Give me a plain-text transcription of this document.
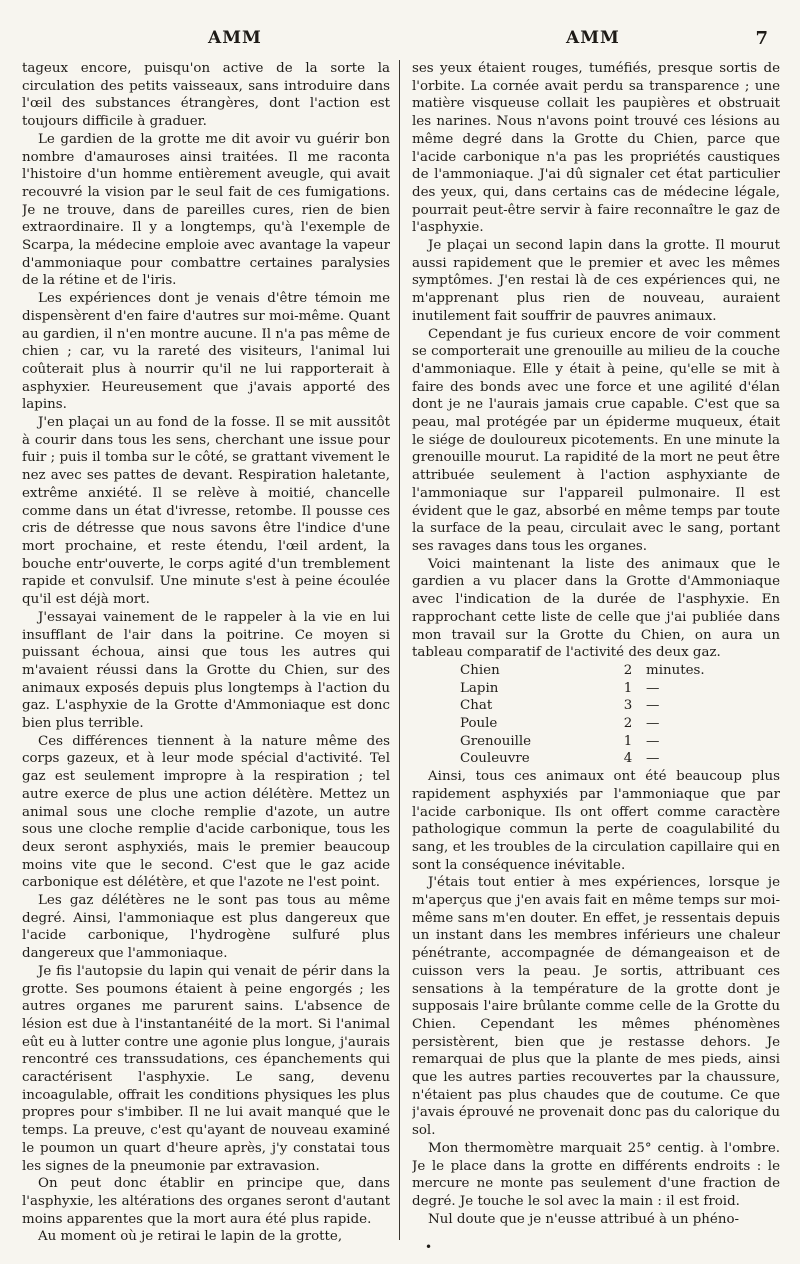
AMM	AMM	7

tageux encore, puisqu'on active de la sorte la circulation des petits vaisseaux, sans introduire dans l'œil des substances étrangères, dont l'action est toujours difficile à graduer.

Le gardien de la grotte me dit avoir vu guérir bon nombre d'amauroses ainsi traitées. Il me raconta l'histoire d'un homme entièrement aveugle, qui avait recouvré la vision par le seul fait de ces fumigations. Je ne trouve, dans de pareilles cures, rien de bien extraordinaire. Il y a longtemps, qu'à l'exemple de Scarpa, la médecine emploie avec avantage la vapeur d'ammoniaque pour combattre certaines paralysies de la rétine et de l'iris.

Les expériences dont je venais d'être témoin me dispensèrent d'en faire d'autres sur moi-même. Quant au gardien, il n'en montre aucune. Il n'a pas même de chien ; car, vu la rareté des visiteurs, l'animal lui coûterait plus à nourrir qu'il ne lui rapporterait à asphyxier. Heureusement que j'avais apporté des lapins.

J'en plaçai un au fond de la fosse. Il se mit aussitôt à courir dans tous les sens, cherchant une issue pour fuir ; puis il tomba sur le côté, se grattant vivement le nez avec ses pattes de devant. Respiration haletante, extrême anxiété. Il se relève à moitié, chancelle comme dans un état d'ivresse, retombe. Il pousse ces cris de détresse que nous savons être l'indice d'une mort prochaine, et reste étendu, l'œil ardent, la bouche entr'ouverte, le corps agité d'un tremblement rapide et convulsif. Une minute s'est à peine écoulée qu'il est déjà mort.

J'essayai vainement de le rappeler à la vie en lui insufflant de l'air dans la poitrine. Ce moyen si puissant échoua, ainsi que tous les autres qui m'avaient réussi dans la Grotte du Chien, sur des animaux exposés depuis plus longtemps à l'action du gaz. L'asphyxie de la Grotte d'Ammoniaque est donc bien plus terrible.

Ces différences tiennent à la nature même des corps gazeux, et à leur mode spécial d'activité. Tel gaz est seulement impropre à la respiration ; tel autre exerce de plus une action délétère. Mettez un animal sous une cloche remplie d'azote, un autre sous une cloche remplie d'acide carbonique, tous les deux seront asphyxiés, mais le premier beaucoup moins vite que le second. C'est que le gaz acide carbonique est délétère, et que l'azote ne l'est point.

Les gaz délétères ne le sont pas tous au même degré. Ainsi, l'ammoniaque est plus dangereux que l'acide carbonique, l'hydrogène sulfuré plus dangereux que l'ammoniaque.

Je fis l'autopsie du lapin qui venait de périr dans la grotte. Ses poumons étaient à peine engorgés ; les autres organes me parurent sains. L'absence de lésion est due à l'instantanéité de la mort. Si l'animal eût eu à lutter contre une agonie plus longue, j'aurais rencontré ces transsudations, ces épanchements qui caractérisent l'asphyxie. Le sang, devenu incoagulable, offrait les conditions physiques les plus propres pour s'imbiber. Il ne lui avait manqué que le temps. La preuve, c'est qu'ayant de nouveau examiné le poumon un quart d'heure après, j'y constatai tous les signes de la pneumonie par extravasion.

On peut donc établir en principe que, dans l'asphyxie, les altérations des organes seront d'autant moins apparentes que la mort aura été plus rapide.

Au moment où je retirai le lapin de la grotte,

ses yeux étaient rouges, tuméfiés, presque sortis de l'orbite. La cornée avait perdu sa transparence ; une matière visqueuse collait les paupières et obstruait les narines. Nous n'avons point trouvé ces lésions au même degré dans la Grotte du Chien, parce que l'acide carbonique n'a pas les propriétés caustiques de l'ammoniaque. J'ai dû signaler cet état particulier des yeux, qui, dans certains cas de médecine légale, pourrait peut-être servir à faire reconnaître le gaz de l'asphyxie.

Je plaçai un second lapin dans la grotte. Il mourut aussi rapidement que le premier et avec les mêmes symptômes. J'en restai là de ces expériences qui, ne m'apprenant plus rien de nouveau, auraient inutilement fait souffrir de pauvres animaux.

Cependant je fus curieux encore de voir comment se comporterait une grenouille au milieu de la couche d'ammoniaque. Elle y était à peine, qu'elle se mit à faire des bonds avec une force et une agilité d'élan dont je ne l'aurais jamais crue capable. C'est que sa peau, mal protégée par un épiderme muqueux, était le siége de douloureux picotements. En une minute la grenouille mourut. La rapidité de la mort ne peut être attribuée seulement à l'action asphyxiante de l'ammoniaque sur l'appareil pulmonaire. Il est évident que le gaz, absorbé en même temps par toute la surface de la peau, circulait avec le sang, portant ses ravages dans tous les organes.

Voici maintenant la liste des animaux que le gardien a vu placer dans la Grotte d'Ammoniaque avec l'indication de la durée de l'asphyxie. En rapprochant cette liste de celle que j'ai publiée dans mon travail sur la Grotte du Chien, on aura un tableau comparatif de l'activité des deux gaz.

Chien	2	minutes.
Lapin	1	—
Chat	3	—
Poule	2	—
Grenouille	1	—
Couleuvre	4	—

Ainsi, tous ces animaux ont été beaucoup plus rapidement asphyxiés par l'ammoniaque que par l'acide carbonique. Ils ont offert comme caractère pathologique commun la perte de coagulabilité du sang, et les troubles de la circulation capillaire qui en sont la conséquence inévitable.

J'étais tout entier à mes expériences, lorsque je m'aperçus que j'en avais fait en même temps sur moi-même sans m'en douter. En effet, je ressentais depuis un instant dans les membres inférieurs une chaleur pénétrante, accompagnée de démangeaison et de cuisson vers la peau. Je sortis, attribuant ces sensations à la température de la grotte dont je supposais l'aire brûlante comme celle de la Grotte du Chien. Cependant les mêmes phénomènes persistèrent, bien que je restasse dehors. Je remarquai de plus que la plante de mes pieds, ainsi que les autres parties recouvertes par la chaussure, n'étaient pas plus chaudes que de coutume. Ce que j'avais éprouvé ne provenait donc pas du calorique du sol.

Mon thermomètre marquait 25° centig. à l'ombre. Je le place dans la grotte en différents endroits : le mercure ne monte pas seulement d'une fraction de degré. Je touche le sol avec la main : il est froid.

Nul doute que je n'eusse attribué à un phéno-

•
